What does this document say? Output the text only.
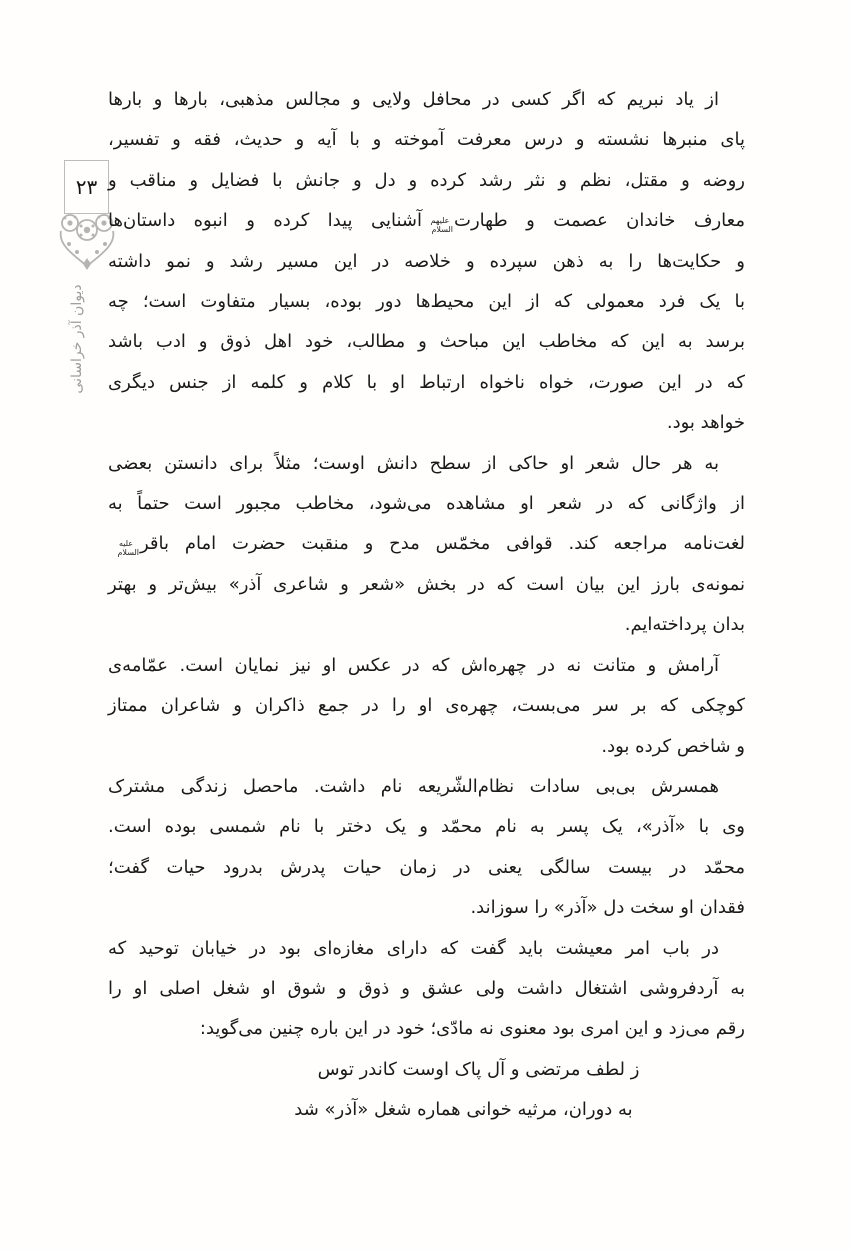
۲۳
دیوان آذر خراسانی
از یاد نبریم که اگر کسی در محافل ولایی و مجالس مذهبی، بارها و بارها
پای منبرها نشسته و درس معرفت آموخته و با آیه و حدیث، فقه و تفسیر،
روضه و مقتل، نظم و نثر رشد کرده و دل و جانش با فضایل و مناقب و
معارف خاندان عصمت و طهارتعلیهم السلامآشنایی پیدا کرده و انبوه داستان‌ها
و حکایت‌ها را به ذهن سپرده و خلاصه در این مسیر رشد و نمو داشته
با یک فرد معمولی که از این محیط‌ها دور بوده، بسیار متفاوت است؛ چه
برسد به این که مخاطب این مباحث و مطالب، خود اهل ذوق و ادب باشد
که در این صورت، خواه ناخواه ارتباط او با کلام و کلمه از جنس دیگری
خواهد بود.
به هر حال شعر او حاکی از سطح دانش اوست؛ مثلاً برای دانستن بعضی
از واژگانی که در شعر او مشاهده می‌شود، مخاطب مجبور است حتماً به
لغت‌نامه مراجعه کند. قوافی مخمّس مدح و منقبت حضرت امام باقرعلیه السلام
نمونه‌ی بارز این بیان است که در بخش «شعر و شاعری آذر» بیش‌تر و بهتر
بدان پرداخته‌ایم.
آرامش و متانت نه در چهره‌اش که در عکس او نیز نمایان است. عمّامه‌ی
کوچکی که بر سر می‌بست، چهره‌ی او را در جمع ذاکران و شاعران ممتاز
و شاخص کرده بود.
همسرش بی‌بی سادات نظام‌الشّریعه نام داشت. ماحصل زندگی مشترک
وی با «آذر»، یک پسر به نام محمّد و یک دختر با نام شمسی بوده است.
محمّد در بیست سالگی یعنی در زمان حیات پدرش بدرود حیات گفت؛
فقدان او سخت دل «آذر» را سوزاند.
در باب امر معیشت باید گفت که دارای مغازه‌ای بود در خیابان توحید که
به آردفروشی اشتغال داشت ولی عشق و ذوق و شوق او شغل اصلی او را
رقم می‌زد و این امری بود معنوی نه مادّی؛ خود در این باره چنین می‌گوید:
ز لطف مرتضی و آل پاک اوست کاندر توس
به دوران، مرثیه خوانی هماره شغل «آذر» شد
